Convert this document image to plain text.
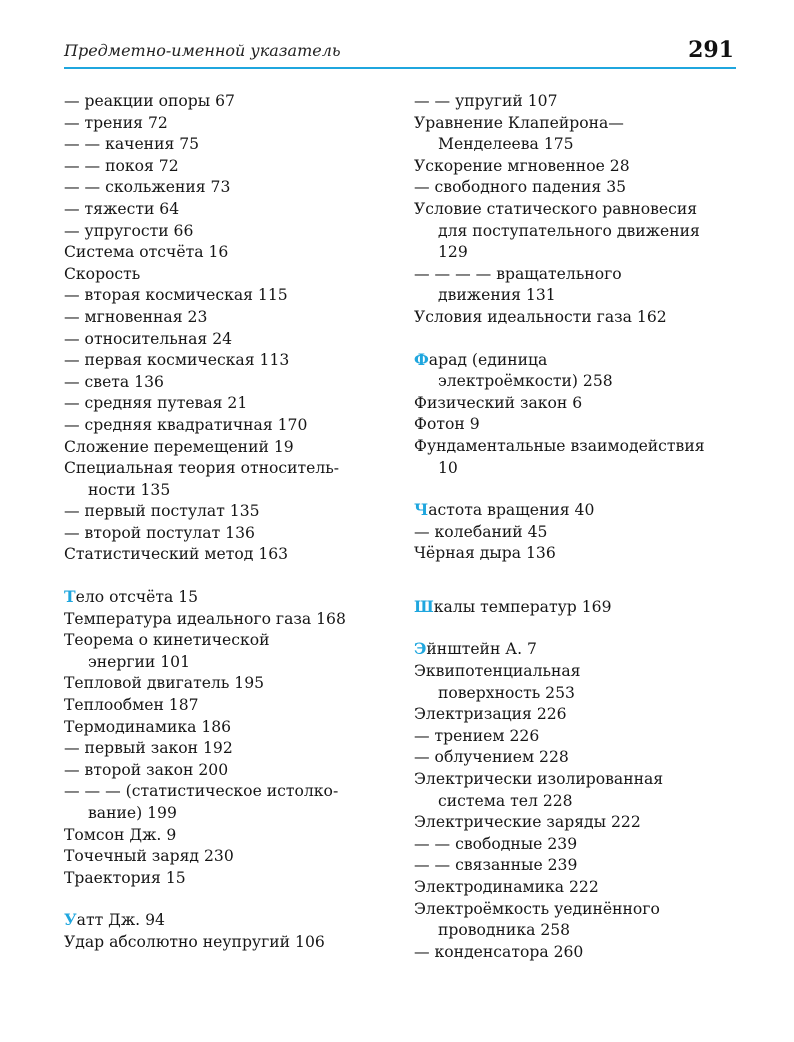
Предметно-именной указатель	291
— реакции опоры 67
— трения 72
— — качения 75
— — покоя 72
— — скольжения 73
— тяжести 64
— упругости 66
Система отсчёта 16
Скорость
— вторая космическая 115
— мгновенная 23
— относительная 24
— первая космическая 113
— света 136
— средняя путевая 21
— средняя квадратичная 170
Сложение перемещений 19
Специальная теория относитель-
ности 135
— первый постулат 135
— второй постулат 136
Статистический метод 163
Тело отсчёта 15
Температура идеального газа 168
Теорема о кинетической
энергии 101
Тепловой двигатель 195
Теплообмен 187
Термодинамика 186
— первый закон 192
— второй закон 200
— — — (статистическое истолко-
вание) 199
Томсон Дж. 9
Точечный заряд 230
Траектория 15
Уатт Дж. 94
Удар абсолютно неупругий 106
— — упругий 107
Уравнение Клапейрона—
Менделеева 175
Ускорение мгновенное 28
— свободного падения 35
Условие статического равновесия
для поступательного движения
129
— — — — вращательного
движения 131
Условия идеальности газа 162
Фарад (единица
электроёмкости) 258
Физический закон 6
Фотон 9
Фундаментальные взаимодействия
10
Частота вращения 40
— колебаний 45
Чёрная дыра 136
Шкалы температур 169
Эйнштейн А. 7
Эквипотенциальная
поверхность 253
Электризация 226
— трением 226
— облучением 228
Электрически изолированная
система тел 228
Электрические заряды 222
— — свободные 239
— — связанные 239
Электродинамика 222
Электроёмкость уединённого
проводника 258
— конденсатора 260
